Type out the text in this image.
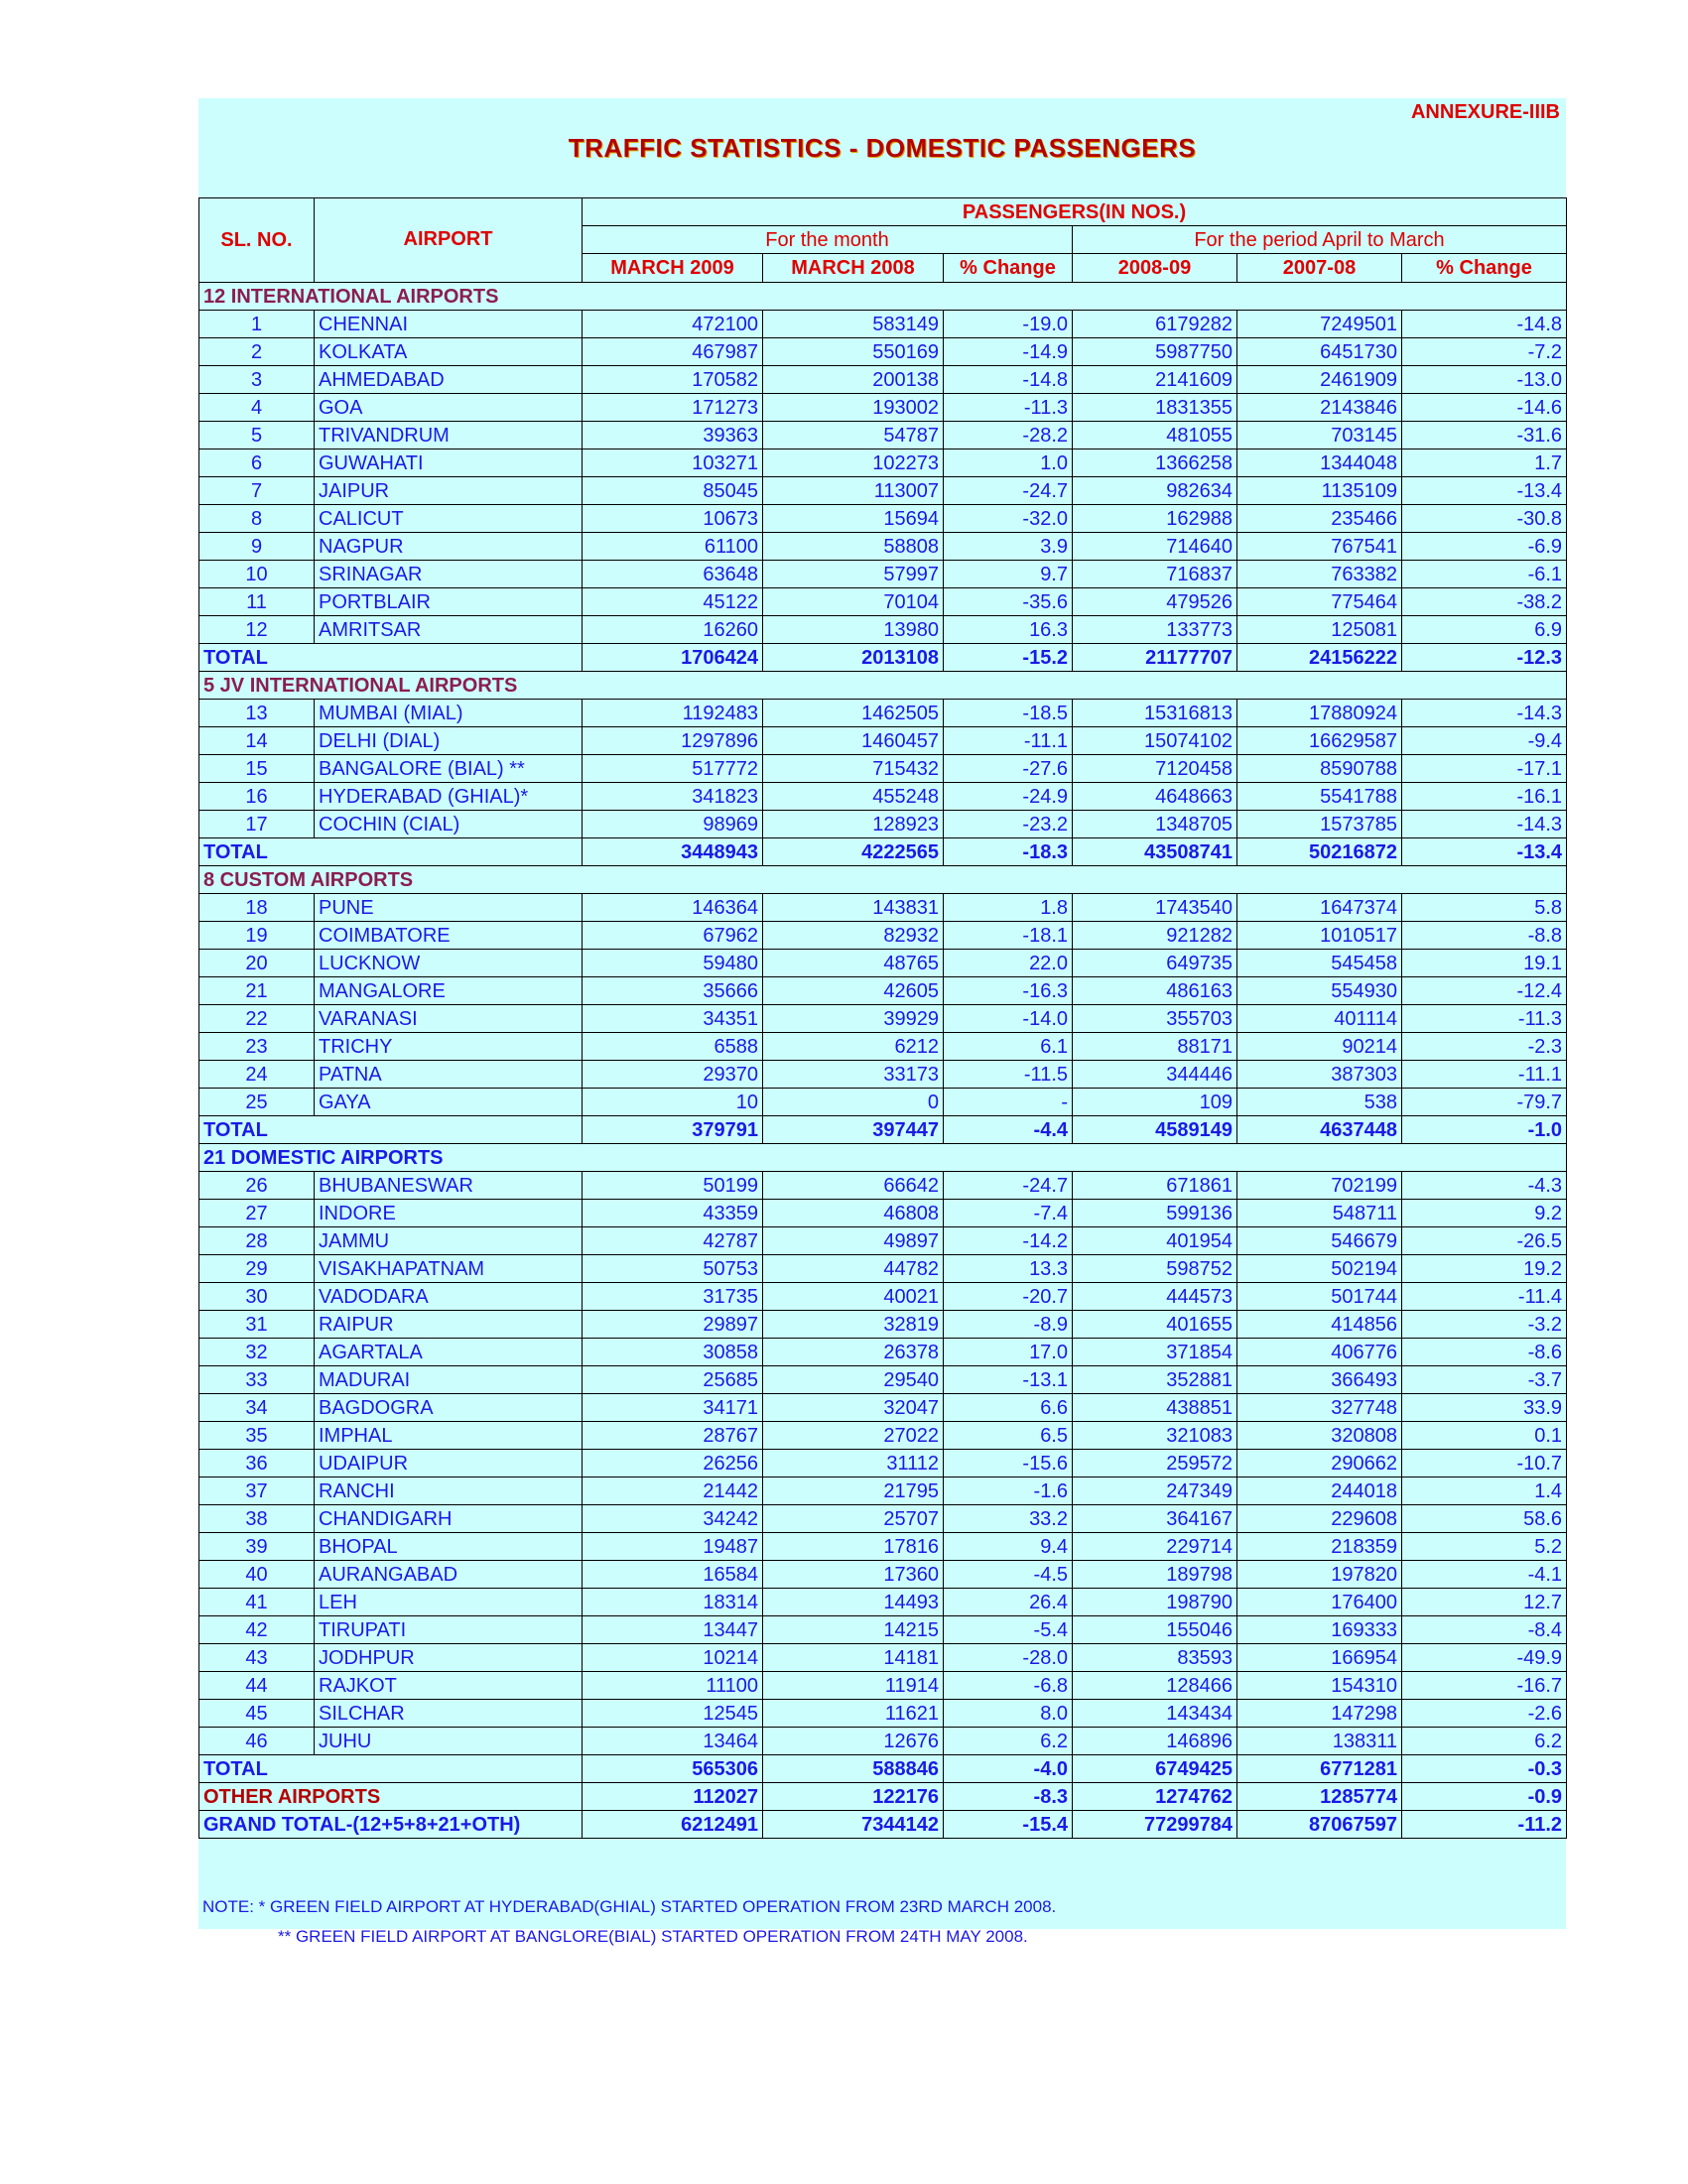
ANNEXURE-IIIB
TRAFFIC STATISTICS - DOMESTIC PASSENGERS
SL. NO.	AIRPORT	PASSENGERS(IN NOS.)					
		For the month			For the period April to March		
		MARCH 2009	MARCH 2008	% Change	2008-09	2007-08	% Change

12 INTERNATIONAL AIRPORTS							
1	CHENNAI	472100	583149	-19.0	6179282	7249501	-14.8
2	KOLKATA	467987	550169	-14.9	5987750	6451730	-7.2
3	AHMEDABAD	170582	200138	-14.8	2141609	2461909	-13.0
4	GOA	171273	193002	-11.3	1831355	2143846	-14.6
5	TRIVANDRUM	39363	54787	-28.2	481055	703145	-31.6
6	GUWAHATI	103271	102273	1.0	1366258	1344048	1.7
7	JAIPUR	85045	113007	-24.7	982634	1135109	-13.4
8	CALICUT	10673	15694	-32.0	162988	235466	-30.8
9	NAGPUR	61100	58808	3.9	714640	767541	-6.9
10	SRINAGAR	63648	57997	9.7	716837	763382	-6.1
11	PORTBLAIR	45122	70104	-35.6	479526	775464	-38.2
12	AMRITSAR	16260	13980	16.3	133773	125081	6.9
TOTAL		1706424	2013108	-15.2	21177707	24156222	-12.3
5 JV INTERNATIONAL AIRPORTS							
13	MUMBAI (MIAL)	1192483	1462505	-18.5	15316813	17880924	-14.3
14	DELHI (DIAL)	1297896	1460457	-11.1	15074102	16629587	-9.4
15	BANGALORE (BIAL) **	517772	715432	-27.6	7120458	8590788	-17.1
16	HYDERABAD (GHIAL)*	341823	455248	-24.9	4648663	5541788	-16.1
17	COCHIN (CIAL)	98969	128923	-23.2	1348705	1573785	-14.3
TOTAL		3448943	4222565	-18.3	43508741	50216872	-13.4
8 CUSTOM AIRPORTS							
18	PUNE	146364	143831	1.8	1743540	1647374	5.8
19	COIMBATORE	67962	82932	-18.1	921282	1010517	-8.8
20	LUCKNOW	59480	48765	22.0	649735	545458	19.1
21	MANGALORE	35666	42605	-16.3	486163	554930	-12.4
22	VARANASI	34351	39929	-14.0	355703	401114	-11.3
23	TRICHY	6588	6212	6.1	88171	90214	-2.3
24	PATNA	29370	33173	-11.5	344446	387303	-11.1
25	GAYA	10	0	-	109	538	-79.7
TOTAL		379791	397447	-4.4	4589149	4637448	-1.0
21 DOMESTIC AIRPORTS							
26	BHUBANESWAR	50199	66642	-24.7	671861	702199	-4.3
27	INDORE	43359	46808	-7.4	599136	548711	9.2
28	JAMMU	42787	49897	-14.2	401954	546679	-26.5
29	VISAKHAPATNAM	50753	44782	13.3	598752	502194	19.2
30	VADODARA	31735	40021	-20.7	444573	501744	-11.4
31	RAIPUR	29897	32819	-8.9	401655	414856	-3.2
32	AGARTALA	30858	26378	17.0	371854	406776	-8.6
33	MADURAI	25685	29540	-13.1	352881	366493	-3.7
34	BAGDOGRA	34171	32047	6.6	438851	327748	33.9
35	IMPHAL	28767	27022	6.5	321083	320808	0.1
36	UDAIPUR	26256	31112	-15.6	259572	290662	-10.7
37	RANCHI	21442	21795	-1.6	247349	244018	1.4
38	CHANDIGARH	34242	25707	33.2	364167	229608	58.6
39	BHOPAL	19487	17816	9.4	229714	218359	5.2
40	AURANGABAD	16584	17360	-4.5	189798	197820	-4.1
41	LEH	18314	14493	26.4	198790	176400	12.7
42	TIRUPATI	13447	14215	-5.4	155046	169333	-8.4
43	JODHPUR	10214	14181	-28.0	83593	166954	-49.9
44	RAJKOT	11100	11914	-6.8	128466	154310	-16.7
45	SILCHAR	12545	11621	8.0	143434	147298	-2.6
46	JUHU	13464	12676	6.2	146896	138311	6.2
TOTAL		565306	588846	-4.0	6749425	6771281	-0.3
OTHER AIRPORTS		112027	122176	-8.3	1274762	1285774	-0.9
GRAND TOTAL-(12+5+8+21+OTH)		6212491	7344142	-15.4	77299784	87067597	-11.2
NOTE: * GREEN FIELD AIRPORT AT HYDERABAD(GHIAL) STARTED OPERATION FROM 23RD MARCH 2008.
** GREEN FIELD AIRPORT AT BANGLORE(BIAL) STARTED OPERATION FROM 24TH MAY 2008.
